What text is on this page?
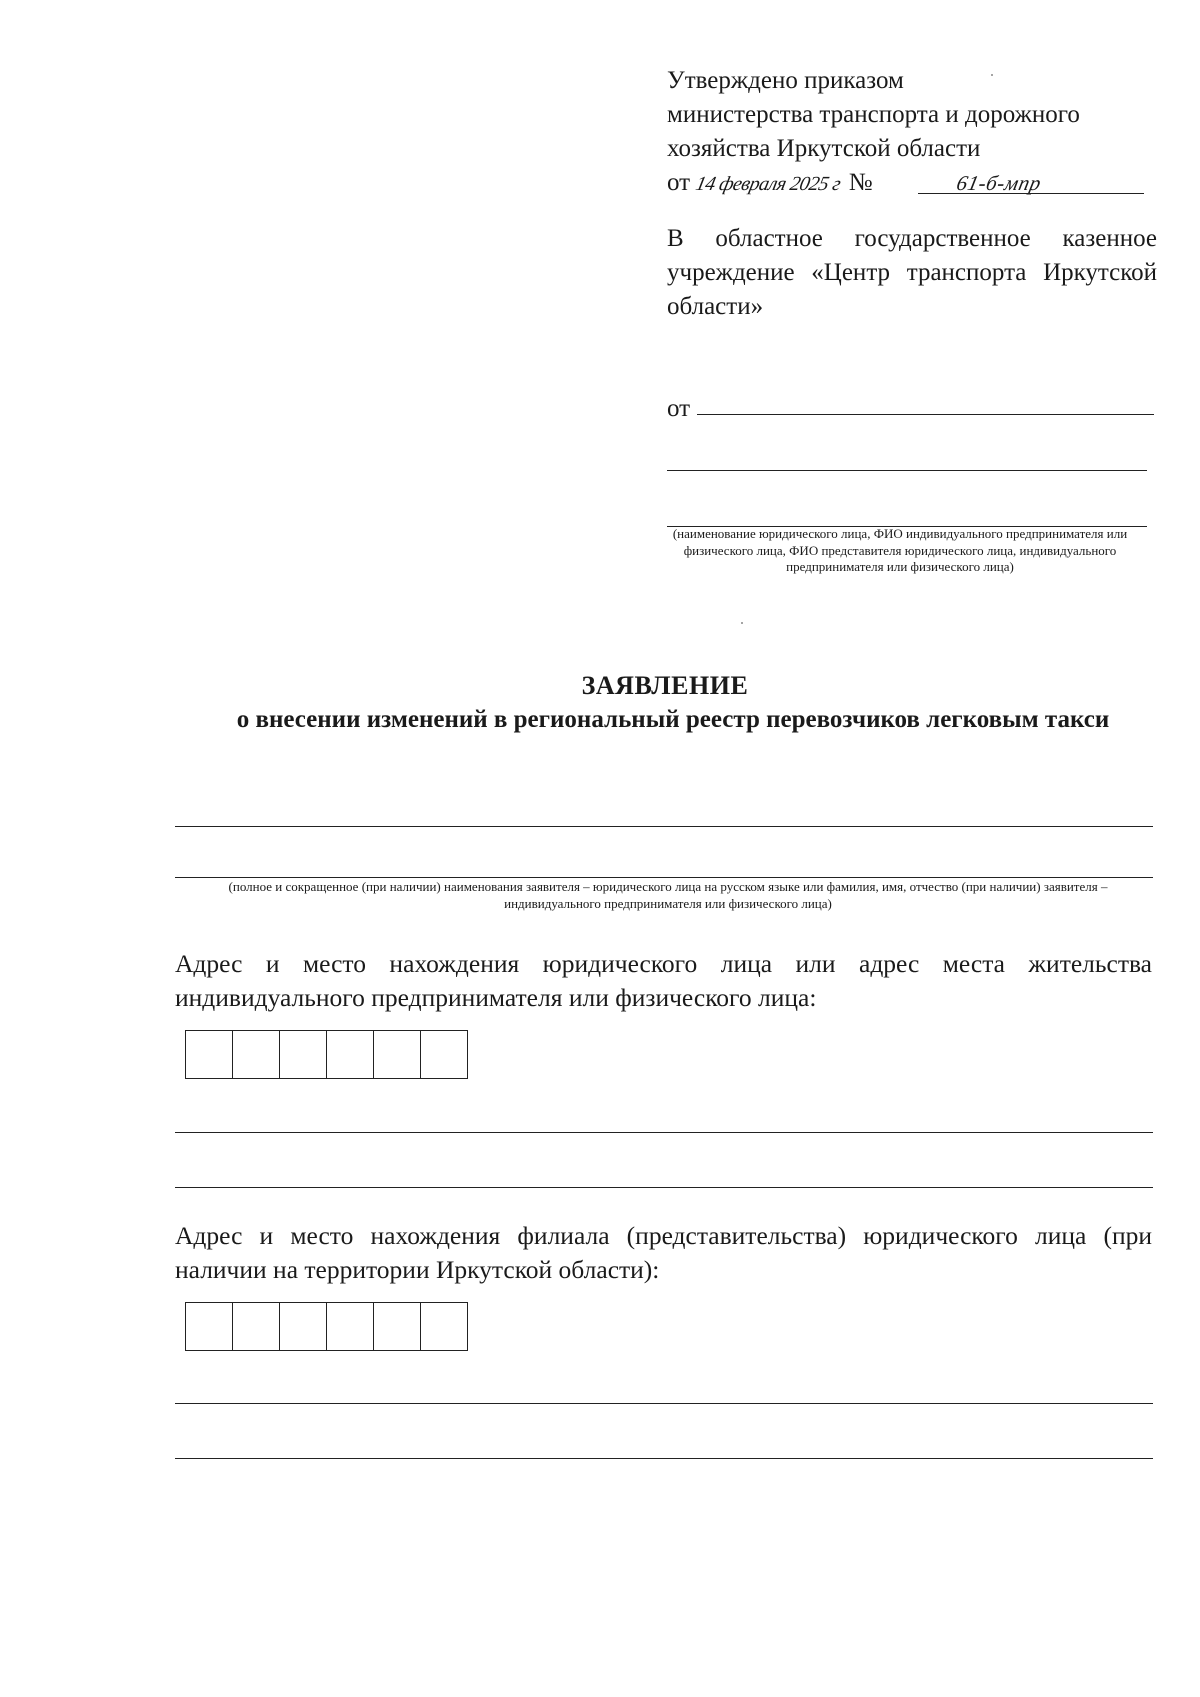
Утверждено приказом
министерства транспорта и дорожного
хозяйства Иркутской области
от 14 февраля 2025 г №	61-б-мпр
В областное государственное казенное учреждение «Центр транспорта Иркутской области»
от
(наименование юридического лица, ФИО индивидуального предпринимателя или физического лица, ФИО представителя юридического лица, индивидуального предпринимателя или физического лица)
ЗАЯВЛЕНИЕ
о внесении изменений в региональный реестр перевозчиков легковым такси
(полное и сокращенное (при наличии) наименования заявителя – юридического лица на русском языке или фамилия, имя, отчество (при наличии) заявителя – индивидуального предпринимателя или физического лица)
Адрес и место нахождения юридического лица или адрес места жительства индивидуального предпринимателя или физического лица:
Адрес и место нахождения филиала (представительства) юридического лица (при наличии на территории Иркутской области):
